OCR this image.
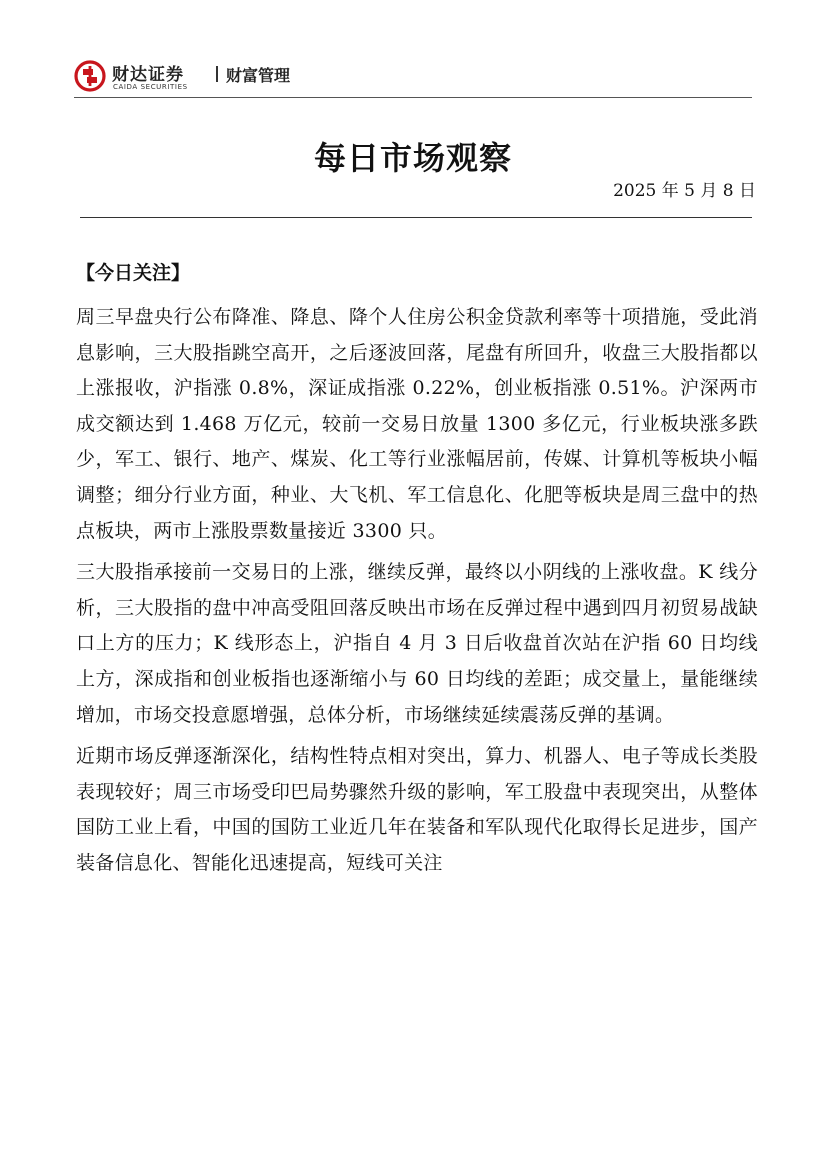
财达证券
CAIDA SECURITIES
财富管理
每日市场观察
2025 年 5 月 8 日
【今日关注】

周三早盘央行公布降准、降息、降个人住房公积金贷款利率等十项措施，受此消息影响，三大股指跳空高开，之后逐波回落，尾盘有所回升，收盘三大股指都以上涨报收，沪指涨 0.8%，深证成指涨 0.22%，创业板指涨 0.51%。沪深两市成交额达到 1.468 万亿元，较前一交易日放量 1300 多亿元，行业板块涨多跌少，军工、银行、地产、煤炭、化工等行业涨幅居前，传媒、计算机等板块小幅调整；细分行业方面，种业、大飞机、军工信息化、化肥等板块是周三盘中的热点板块，两市上涨股票数量接近 3300 只。

三大股指承接前一交易日的上涨，继续反弹，最终以小阴线的上涨收盘。K 线分析，三大股指的盘中冲高受阻回落反映出市场在反弹过程中遇到四月初贸易战缺口上方的压力；K 线形态上，沪指自 4 月 3 日后收盘首次站在沪指 60 日均线上方，深成指和创业板指也逐渐缩小与 60 日均线的差距；成交量上，量能继续增加，市场交投意愿增强，总体分析，市场继续延续震荡反弹的基调。

近期市场反弹逐渐深化，结构性特点相对突出，算力、机器人、电子等成长类股表现较好；周三市场受印巴局势骤然升级的影响，军工股盘中表现突出，从整体国防工业上看，中国的国防工业近几年在装备和军队现代化取得长足进步，国产装备信息化、智能化迅速提高，短线可关注
